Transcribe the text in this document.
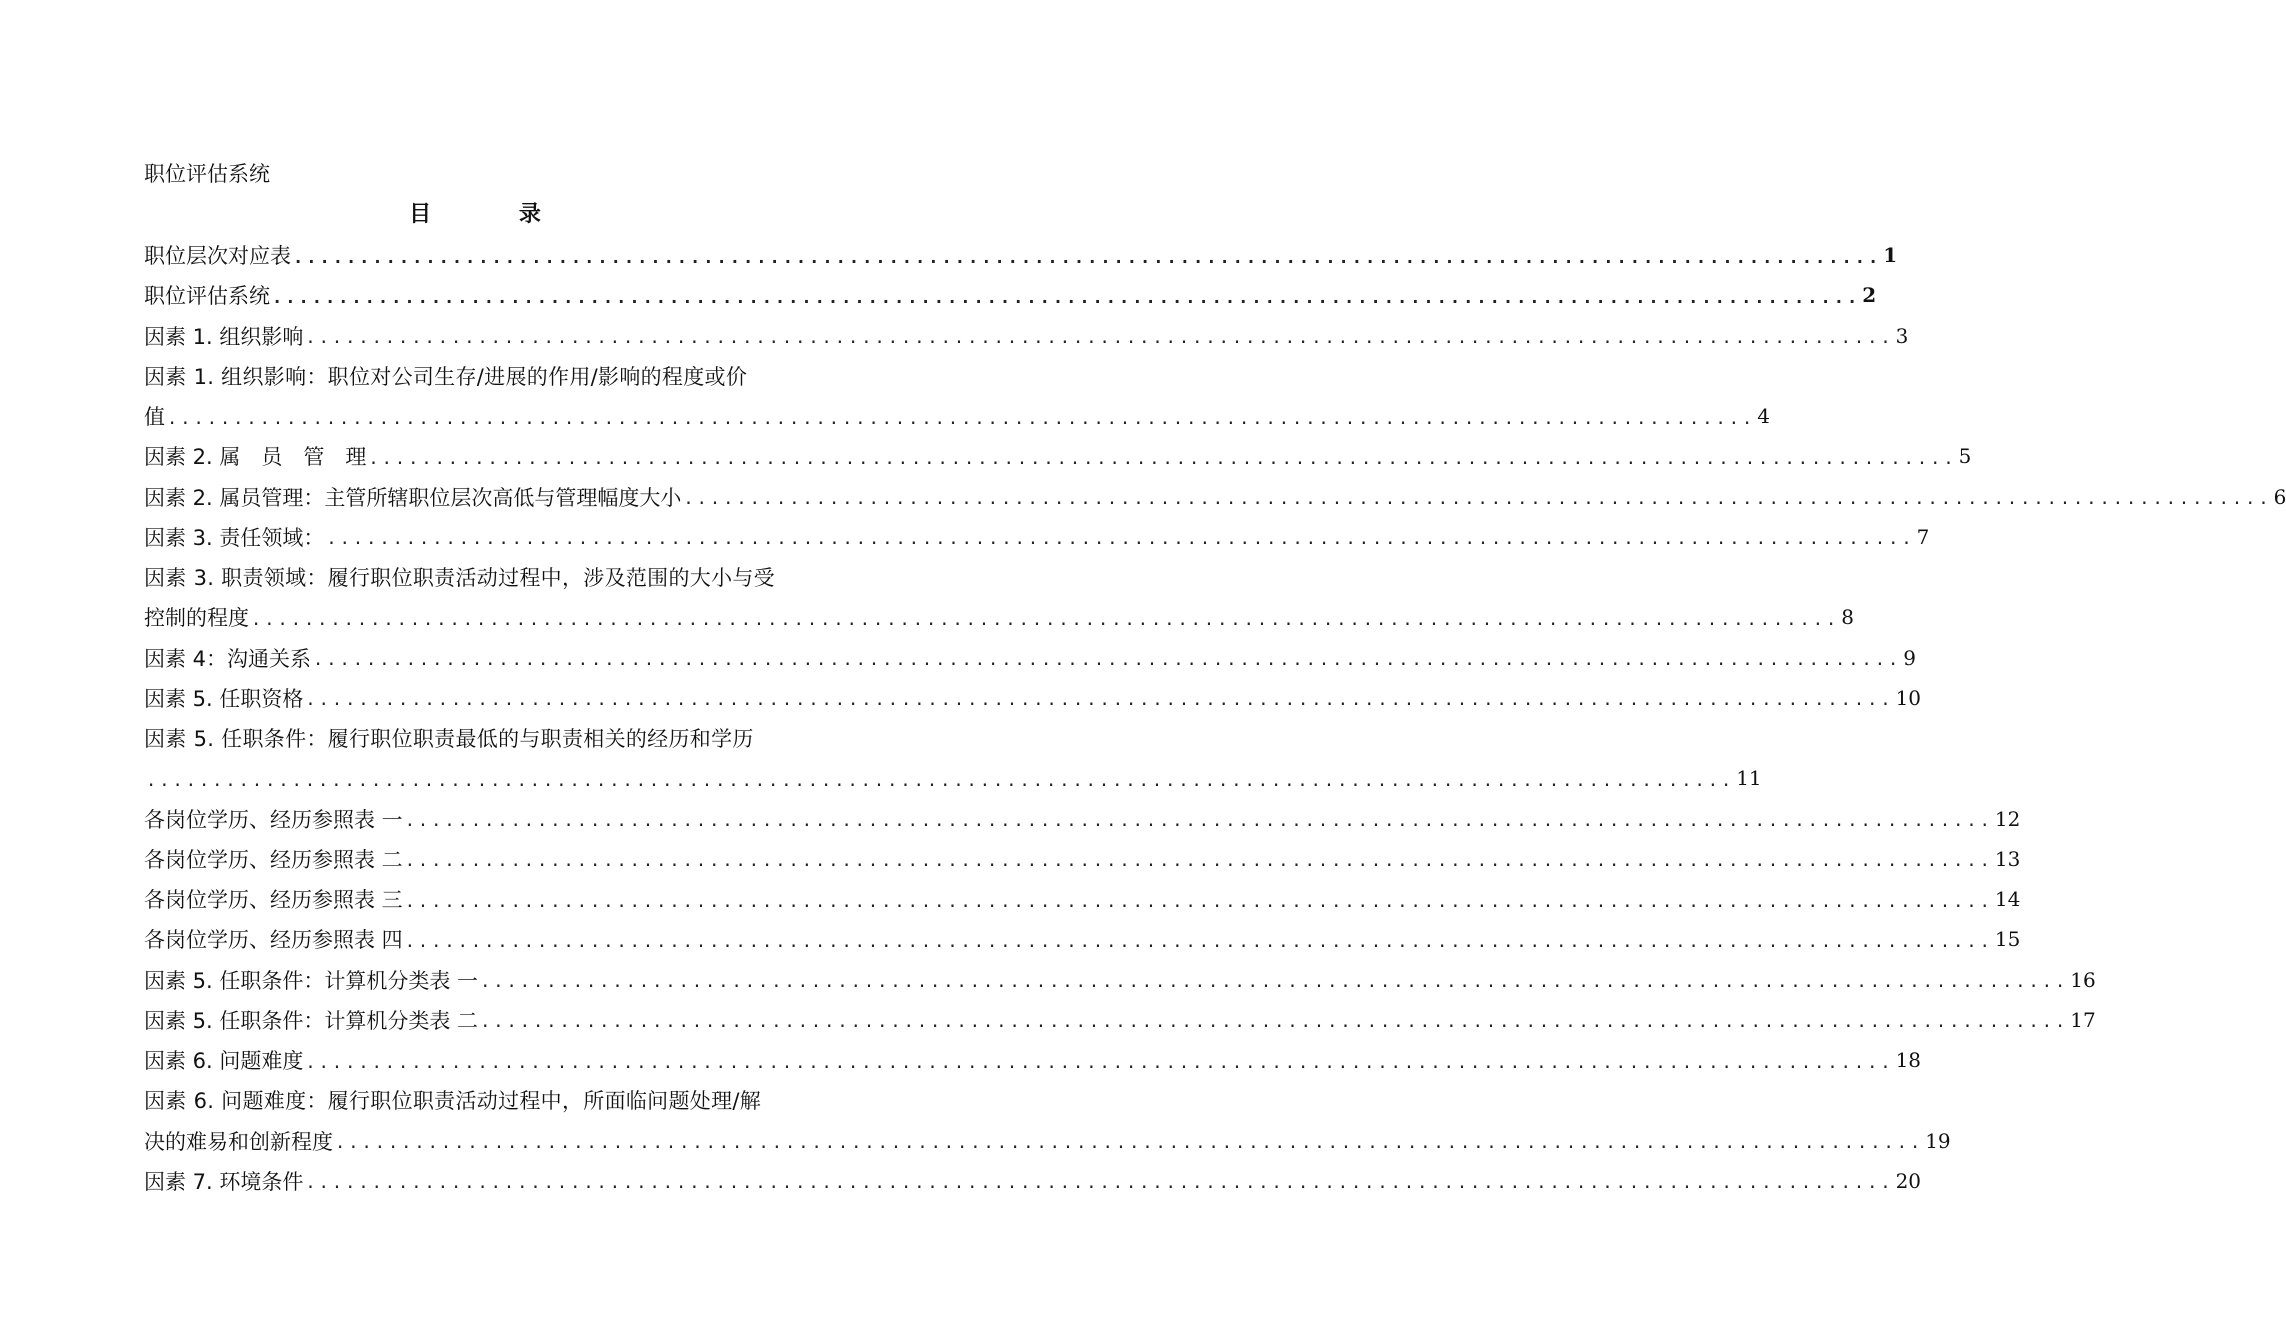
职位评估系统
目 录
职位层次对应表 ........................................................................................................................ 1
职位评估系统 ........................................................................................................................ 2
因素 1. 组织影响 ........................................................................................................................ 3
因素 1. 组织影响：职位对公司生存/进展的作用/影响的程度或价
值 ........................................................................................................................ 4
因素 2. 属　员　管　理 ........................................................................................................................ 5
因素 2. 属员管理：主管所辖职位层次高低与管理幅度大小 ........................................................................................................................ 6
因素 3. 责任领域： ........................................................................................................................ 7
因素 3. 职责领域：履行职位职责活动过程中，涉及范围的大小与受
控制的程度 ........................................................................................................................ 8
因素 4：沟通关系 ........................................................................................................................ 9
因素 5. 任职资格 ........................................................................................................................ 10
因素 5. 任职条件：履行职位职责最低的与职责相关的经历和学历
........................................................................................................................ 11
各岗位学历、经历参照表 一 ........................................................................................................................ 12
各岗位学历、经历参照表 二 ........................................................................................................................ 13
各岗位学历、经历参照表 三 ........................................................................................................................ 14
各岗位学历、经历参照表 四 ........................................................................................................................ 15
因素 5. 任职条件：计算机分类表 一 ........................................................................................................................ 16
因素 5. 任职条件：计算机分类表 二 ........................................................................................................................ 17
因素 6. 问题难度 ........................................................................................................................ 18
因素 6. 问题难度：履行职位职责活动过程中，所面临问题处理/解
决的难易和创新程度 ........................................................................................................................ 19
因素 7. 环境条件 ........................................................................................................................ 20
